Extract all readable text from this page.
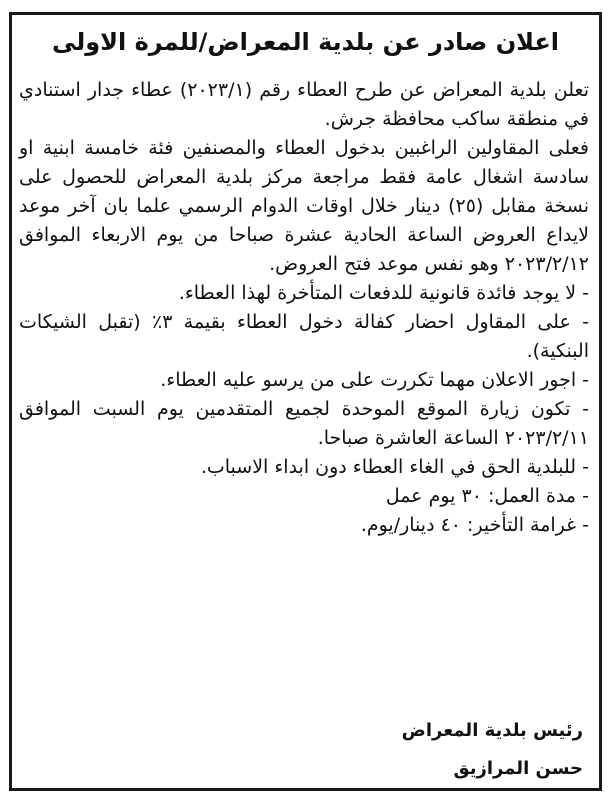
اعلان صادر عن بلدية المعراض/للمرة الاولى

تعلن بلدية المعراض عن طرح العطاء رقم (٢٠٢٣/١) عطاء جدار استنادي في منطقة ساكب محافظة جرش.

فعلى المقاولين الراغبين بدخول العطاء والمصنفين فئة خامسة ابنية او سادسة اشغال عامة فقط مراجعة مركز بلدية المعراض للحصول على نسخة مقابل (٢٥) دينار خلال اوقات الدوام الرسمي علما بان آخر موعد لايداع العروض الساعة الحادية عشرة صباحا من يوم الاربعاء الموافق ٢٠٢٣/٢/١٢ وهو نفس موعد فتح العروض.

- لا يوجد فائدة قانونية للدفعات المتأخرة لهذا العطاء.
- على المقاول احضار كفالة دخول العطاء بقيمة ٣٪ (تقبل الشيكات البنكية).
- اجور الاعلان مهما تكررت على من يرسو عليه العطاء.
- تكون زيارة الموقع الموحدة لجميع المتقدمين يوم السبت الموافق ٢٠٢٣/٢/١١ الساعة العاشرة صباحا.
- للبلدية الحق في الغاء العطاء دون ابداء الاسباب.
- مدة العمل: ٣٠ يوم عمل
- غرامة التأخير: ٤٠ دينار/يوم.
رئيس بلدية المعراض
حسن المرازيق
